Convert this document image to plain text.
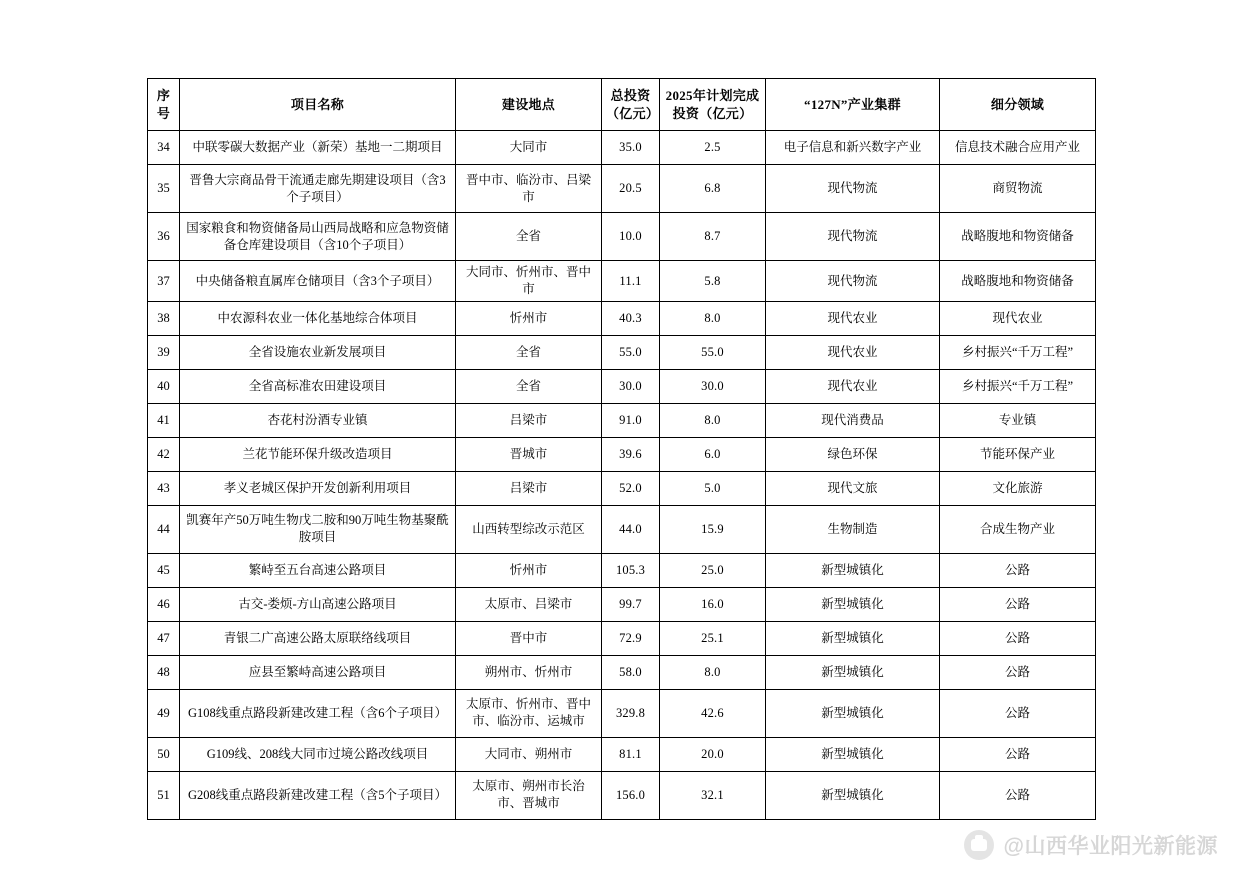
序号	项目名称	建设地点	总投资（亿元）	2025年计划完成投资（亿元）	“127N”产业集群	细分领域
34	中联零碳大数据产业（新荣）基地一二期项目	大同市	35.0	2.5	电子信息和新兴数字产业	信息技术融合应用产业
35	晋鲁大宗商品骨干流通走廊先期建设项目（含3个子项目）	晋中市、临汾市、吕梁市	20.5	6.8	现代物流	商贸物流
36	国家粮食和物资储备局山西局战略和应急物资储备仓库建设项目（含10个子项目）	全省	10.0	8.7	现代物流	战略腹地和物资储备
37	中央储备粮直属库仓储项目（含3个子项目）	大同市、忻州市、晋中市	11.1	5.8	现代物流	战略腹地和物资储备
38	中农源科农业一体化基地综合体项目	忻州市	40.3	8.0	现代农业	现代农业
39	全省设施农业新发展项目	全省	55.0	55.0	现代农业	乡村振兴“千万工程”
40	全省高标准农田建设项目	全省	30.0	30.0	现代农业	乡村振兴“千万工程”
41	杏花村汾酒专业镇	吕梁市	91.0	8.0	现代消费品	专业镇
42	兰花节能环保升级改造项目	晋城市	39.6	6.0	绿色环保	节能环保产业
43	孝义老城区保护开发创新利用项目	吕梁市	52.0	5.0	现代文旅	文化旅游
44	凯赛年产50万吨生物戊二胺和90万吨生物基聚酰胺项目	山西转型综改示范区	44.0	15.9	生物制造	合成生物产业
45	繁峙至五台高速公路项目	忻州市	105.3	25.0	新型城镇化	公路
46	古交-娄烦-方山高速公路项目	太原市、吕梁市	99.7	16.0	新型城镇化	公路
47	青银二广高速公路太原联络线项目	晋中市	72.9	25.1	新型城镇化	公路
48	应县至繁峙高速公路项目	朔州市、忻州市	58.0	8.0	新型城镇化	公路
49	G108线重点路段新建改建工程（含6个子项目）	太原市、忻州市、晋中市、临汾市、运城市	329.8	42.6	新型城镇化	公路
50	G109线、208线大同市过境公路改线项目	大同市、朔州市	81.1	20.0	新型城镇化	公路
51	G208线重点路段新建改建工程（含5个子项目）	太原市、朔州市长治市、晋城市	156.0	32.1	新型城镇化	公路
@山西华业阳光新能源
